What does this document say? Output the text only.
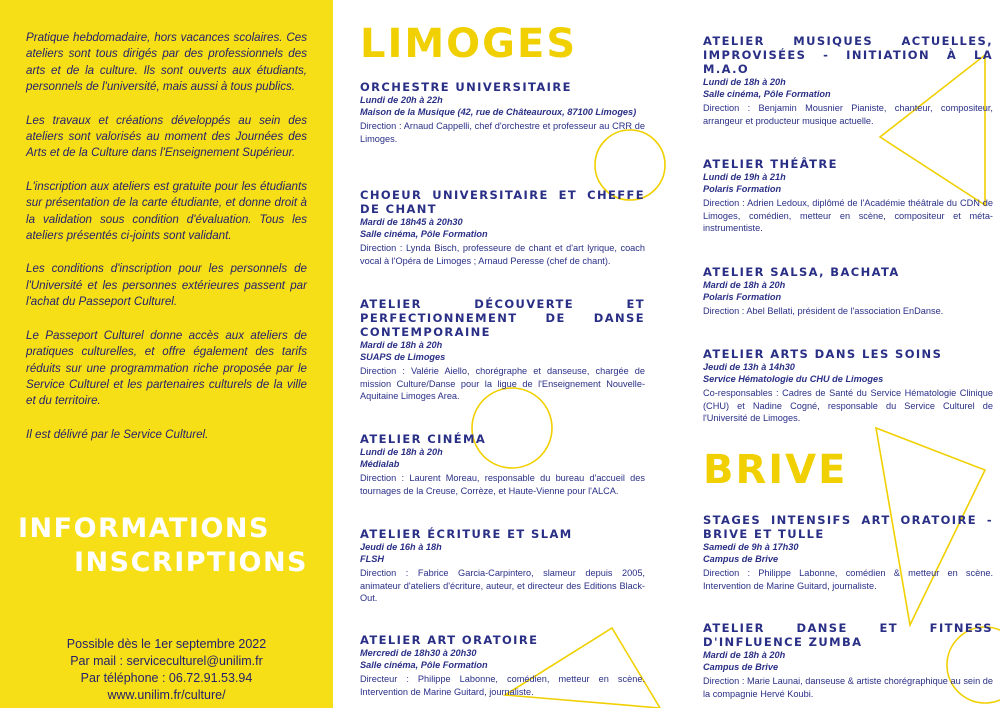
Pratique hebdomadaire, hors vacances scolaires. Ces ateliers sont tous dirigés par des professionnels des arts et de la culture. Ils sont ouverts aux étudiants, personnels de l'université, mais aussi à tous publics.

Les travaux et créations développés au sein des ateliers sont valorisés au moment des Journées des Arts et de la Culture dans l'Enseignement Supérieur.

L'inscription aux ateliers est gratuite pour les étudiants sur présentation de la carte étudiante, et donne droit à la validation sous condition d'évaluation. Tous les ateliers présentés ci-joints sont validant.

Les conditions d'inscription pour les personnels de l'Université et les personnes extérieures passent par l'achat du Passeport Culturel.

Le Passeport Culturel donne accès aux ateliers de pratiques culturelles, et offre également des tarifs réduits sur une programmation riche proposée par le Service Culturel et les partenaires culturels de la ville et du territoire.

Il est délivré par le Service Culturel.

INFORMATIONS
INSCRIPTIONS
Possible dès le 1er septembre 2022
Par mail : serviceculturel@unilim.fr
Par téléphone : 06.72.91.53.94
www.unilim.fr/culture/
LIMOGES
ORCHESTRE UNIVERSITAIRE
Lundi de 20h à 22h
Maison de la Musique (42, rue de Châteauroux, 87100 Limoges)
Direction : Arnaud Cappelli, chef d'orchestre et professeur au CRR de Limoges.
CHOEUR UNIVERSITAIRE ET CHEFFE DE CHANT
Mardi de 18h45 à 20h30
Salle cinéma, Pôle Formation
Direction : Lynda Bisch, professeure de chant et d'art lyrique, coach vocal à l'Opéra de Limoges ; Arnaud Peresse (chef de chant).
ATELIER DÉCOUVERTE ET PERFECTIONNEMENT DE DANSE CONTEMPORAINE
Mardi de 18h à 20h
SUAPS de Limoges
Direction : Valérie Aiello, chorégraphe et danseuse, chargée de mission Culture/Danse pour la ligue de l'Enseignement Nouvelle-Aquitaine Limoges Area.
ATELIER CINÉMA
Lundi de 18h à 20h
Médialab
Direction : Laurent Moreau, responsable du bureau d'accueil des tournages de la Creuse, Corrèze, et Haute-Vienne pour l'ALCA.
ATELIER ÉCRITURE ET SLAM
Jeudi de 16h à 18h
FLSH
Direction : Fabrice Garcia-Carpintero, slameur depuis 2005, animateur d'ateliers d'écriture, auteur, et directeur des Editions Black-Out.
ATELIER ART ORATOIRE
Mercredi de 18h30 à 20h30
Salle cinéma, Pôle Formation
Directeur : Philippe Labonne, comédien, metteur en scène. Intervention de Marine Guitard, journaliste.
ATELIER MUSIQUES ACTUELLES, IMPROVISÉES - INITIATION À LA M.A.O
Lundi de 18h à 20h
Salle cinéma, Pôle Formation
Direction : Benjamin Mousnier Pianiste, chanteur, compositeur, arrangeur et producteur musique actuelle.
ATELIER THÉÂTRE
Lundi de 19h à 21h
Polaris Formation
Direction : Adrien Ledoux, diplômé de l'Académie théâtrale du CDN de Limoges, comédien, metteur en scène, compositeur et méta-instrumentiste.
ATELIER SALSA, BACHATA
Mardi de 18h à 20h
Polaris Formation
Direction : Abel Bellati, président de l'association EnDanse.
ATELIER ARTS DANS LES SOINS
Jeudi de 13h à 14h30
Service Hématologie du CHU de Limoges
Co-responsables : Cadres de Santé du Service Hématologie Clinique (CHU) et Nadine Cogné, responsable du Service Culturel de l'Université de Limoges.
BRIVE
STAGES INTENSIFS ART ORATOIRE - BRIVE ET TULLE
Samedi de 9h à 17h30
Campus de Brive
Direction : Philippe Labonne, comédien & metteur en scène. Intervention de Marine Guitard, journaliste.
ATELIER DANSE ET FITNESS D'INFLUENCE ZUMBA
Mardi de 18h à 20h
Campus de Brive
Direction : Marie Launai, danseuse & artiste chorégraphique au sein de la compagnie Hervé Koubi.
